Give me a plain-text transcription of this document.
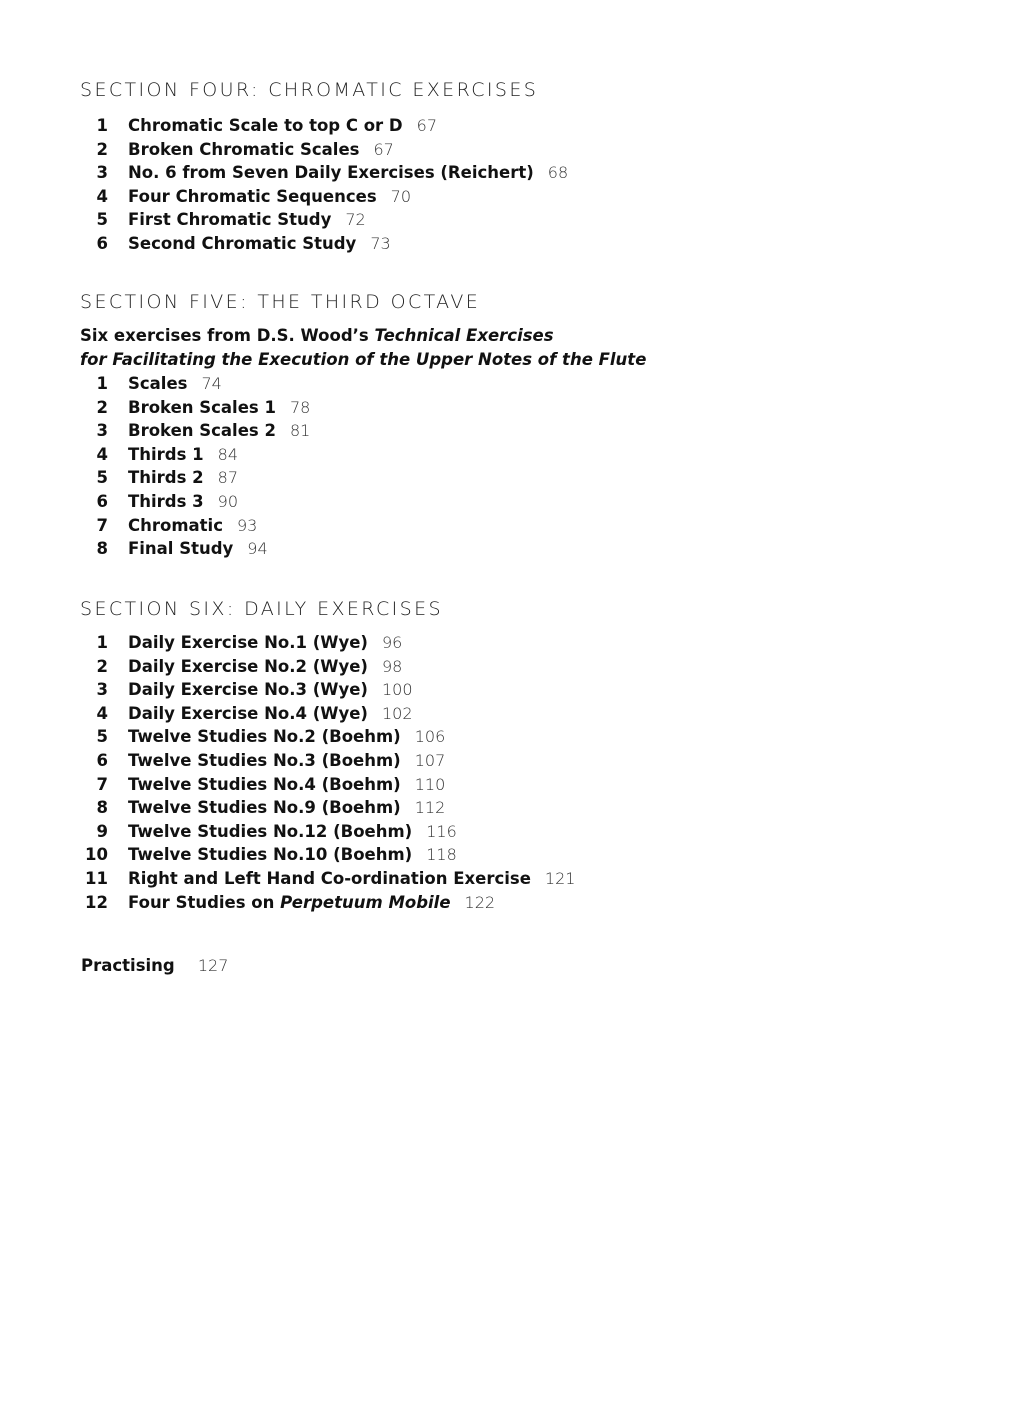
SECTION FOUR: CHROMATIC EXERCISES
1 Chromatic Scale to top C or D 67
2 Broken Chromatic Scales 67
3 No. 6 from Seven Daily Exercises (Reichert) 68
4 Four Chromatic Sequences 70
5 First Chromatic Study 72
6 Second Chromatic Study 73
SECTION FIVE: THE THIRD OCTAVE
Six exercises from D.S. Wood’s Technical Exercises
for Facilitating the Execution of the Upper Notes of the Flute
1 Scales 74
2 Broken Scales 1 78
3 Broken Scales 2 81
4 Thirds 1 84
5 Thirds 2 87
6 Thirds 3 90
7 Chromatic 93
8 Final Study 94
SECTION SIX: DAILY EXERCISES
1 Daily Exercise No.1 (Wye) 96
2 Daily Exercise No.2 (Wye) 98
3 Daily Exercise No.3 (Wye) 100
4 Daily Exercise No.4 (Wye) 102
5 Twelve Studies No.2 (Boehm) 106
6 Twelve Studies No.3 (Boehm) 107
7 Twelve Studies No.4 (Boehm) 110
8 Twelve Studies No.9 (Boehm) 112
9 Twelve Studies No.12 (Boehm) 116
10 Twelve Studies No.10 (Boehm) 118
11 Right and Left Hand Co-ordination Exercise 121
12 Four Studies on Perpetuum Mobile 122
Practising 127
